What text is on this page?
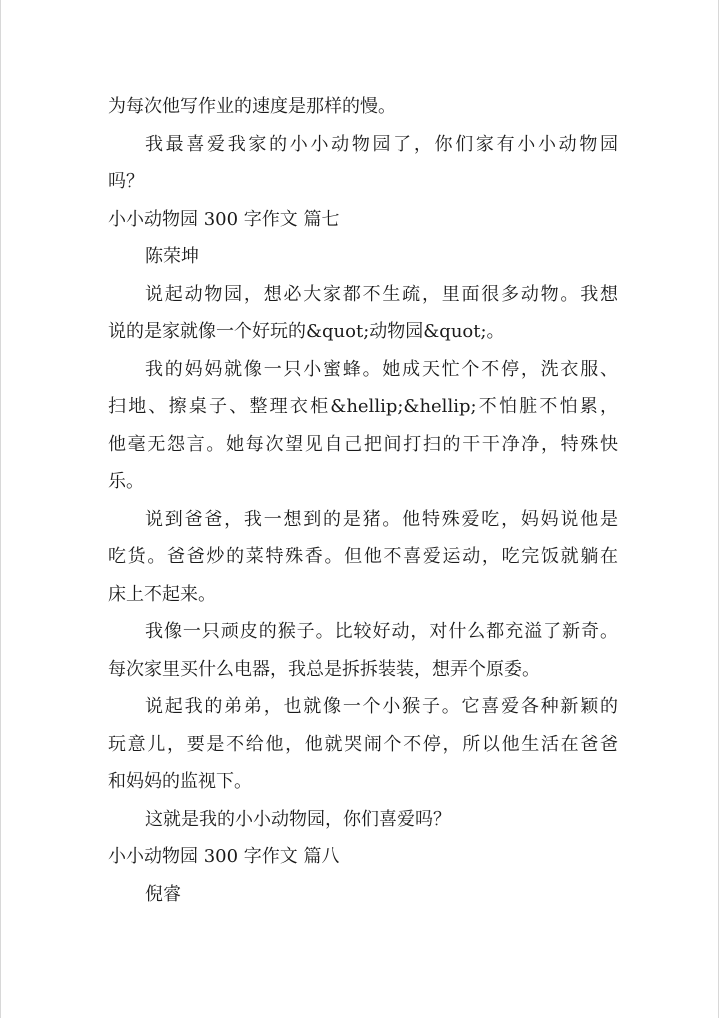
为每次他写作业的速度是那样的慢。

我最喜爱我家的小小动物园了，你们家有小小动物园

吗？

小小动物园 300 字作文 篇七

陈荣坤

说起动物园，想必大家都不生疏，里面很多动物。我想

说的是家就像一个好玩的&quot;动物园&quot;。

我的妈妈就像一只小蜜蜂。她成天忙个不停，洗衣服、

扫地、擦桌子、整理衣柜&hellip;&hellip;不怕脏不怕累，

他毫无怨言。她每次望见自己把间打扫的干干净净，特殊快

乐。

说到爸爸，我一想到的是猪。他特殊爱吃，妈妈说他是

吃货。爸爸炒的菜特殊香。但他不喜爱运动，吃完饭就躺在

床上不起来。

我像一只顽皮的猴子。比较好动，对什么都充溢了新奇。

每次家里买什么电器，我总是拆拆装装，想弄个原委。

说起我的弟弟，也就像一个小猴子。它喜爱各种新颖的

玩意儿，要是不给他，他就哭闹个不停，所以他生活在爸爸

和妈妈的监视下。

这就是我的小小动物园，你们喜爱吗？

小小动物园 300 字作文 篇八

倪睿
